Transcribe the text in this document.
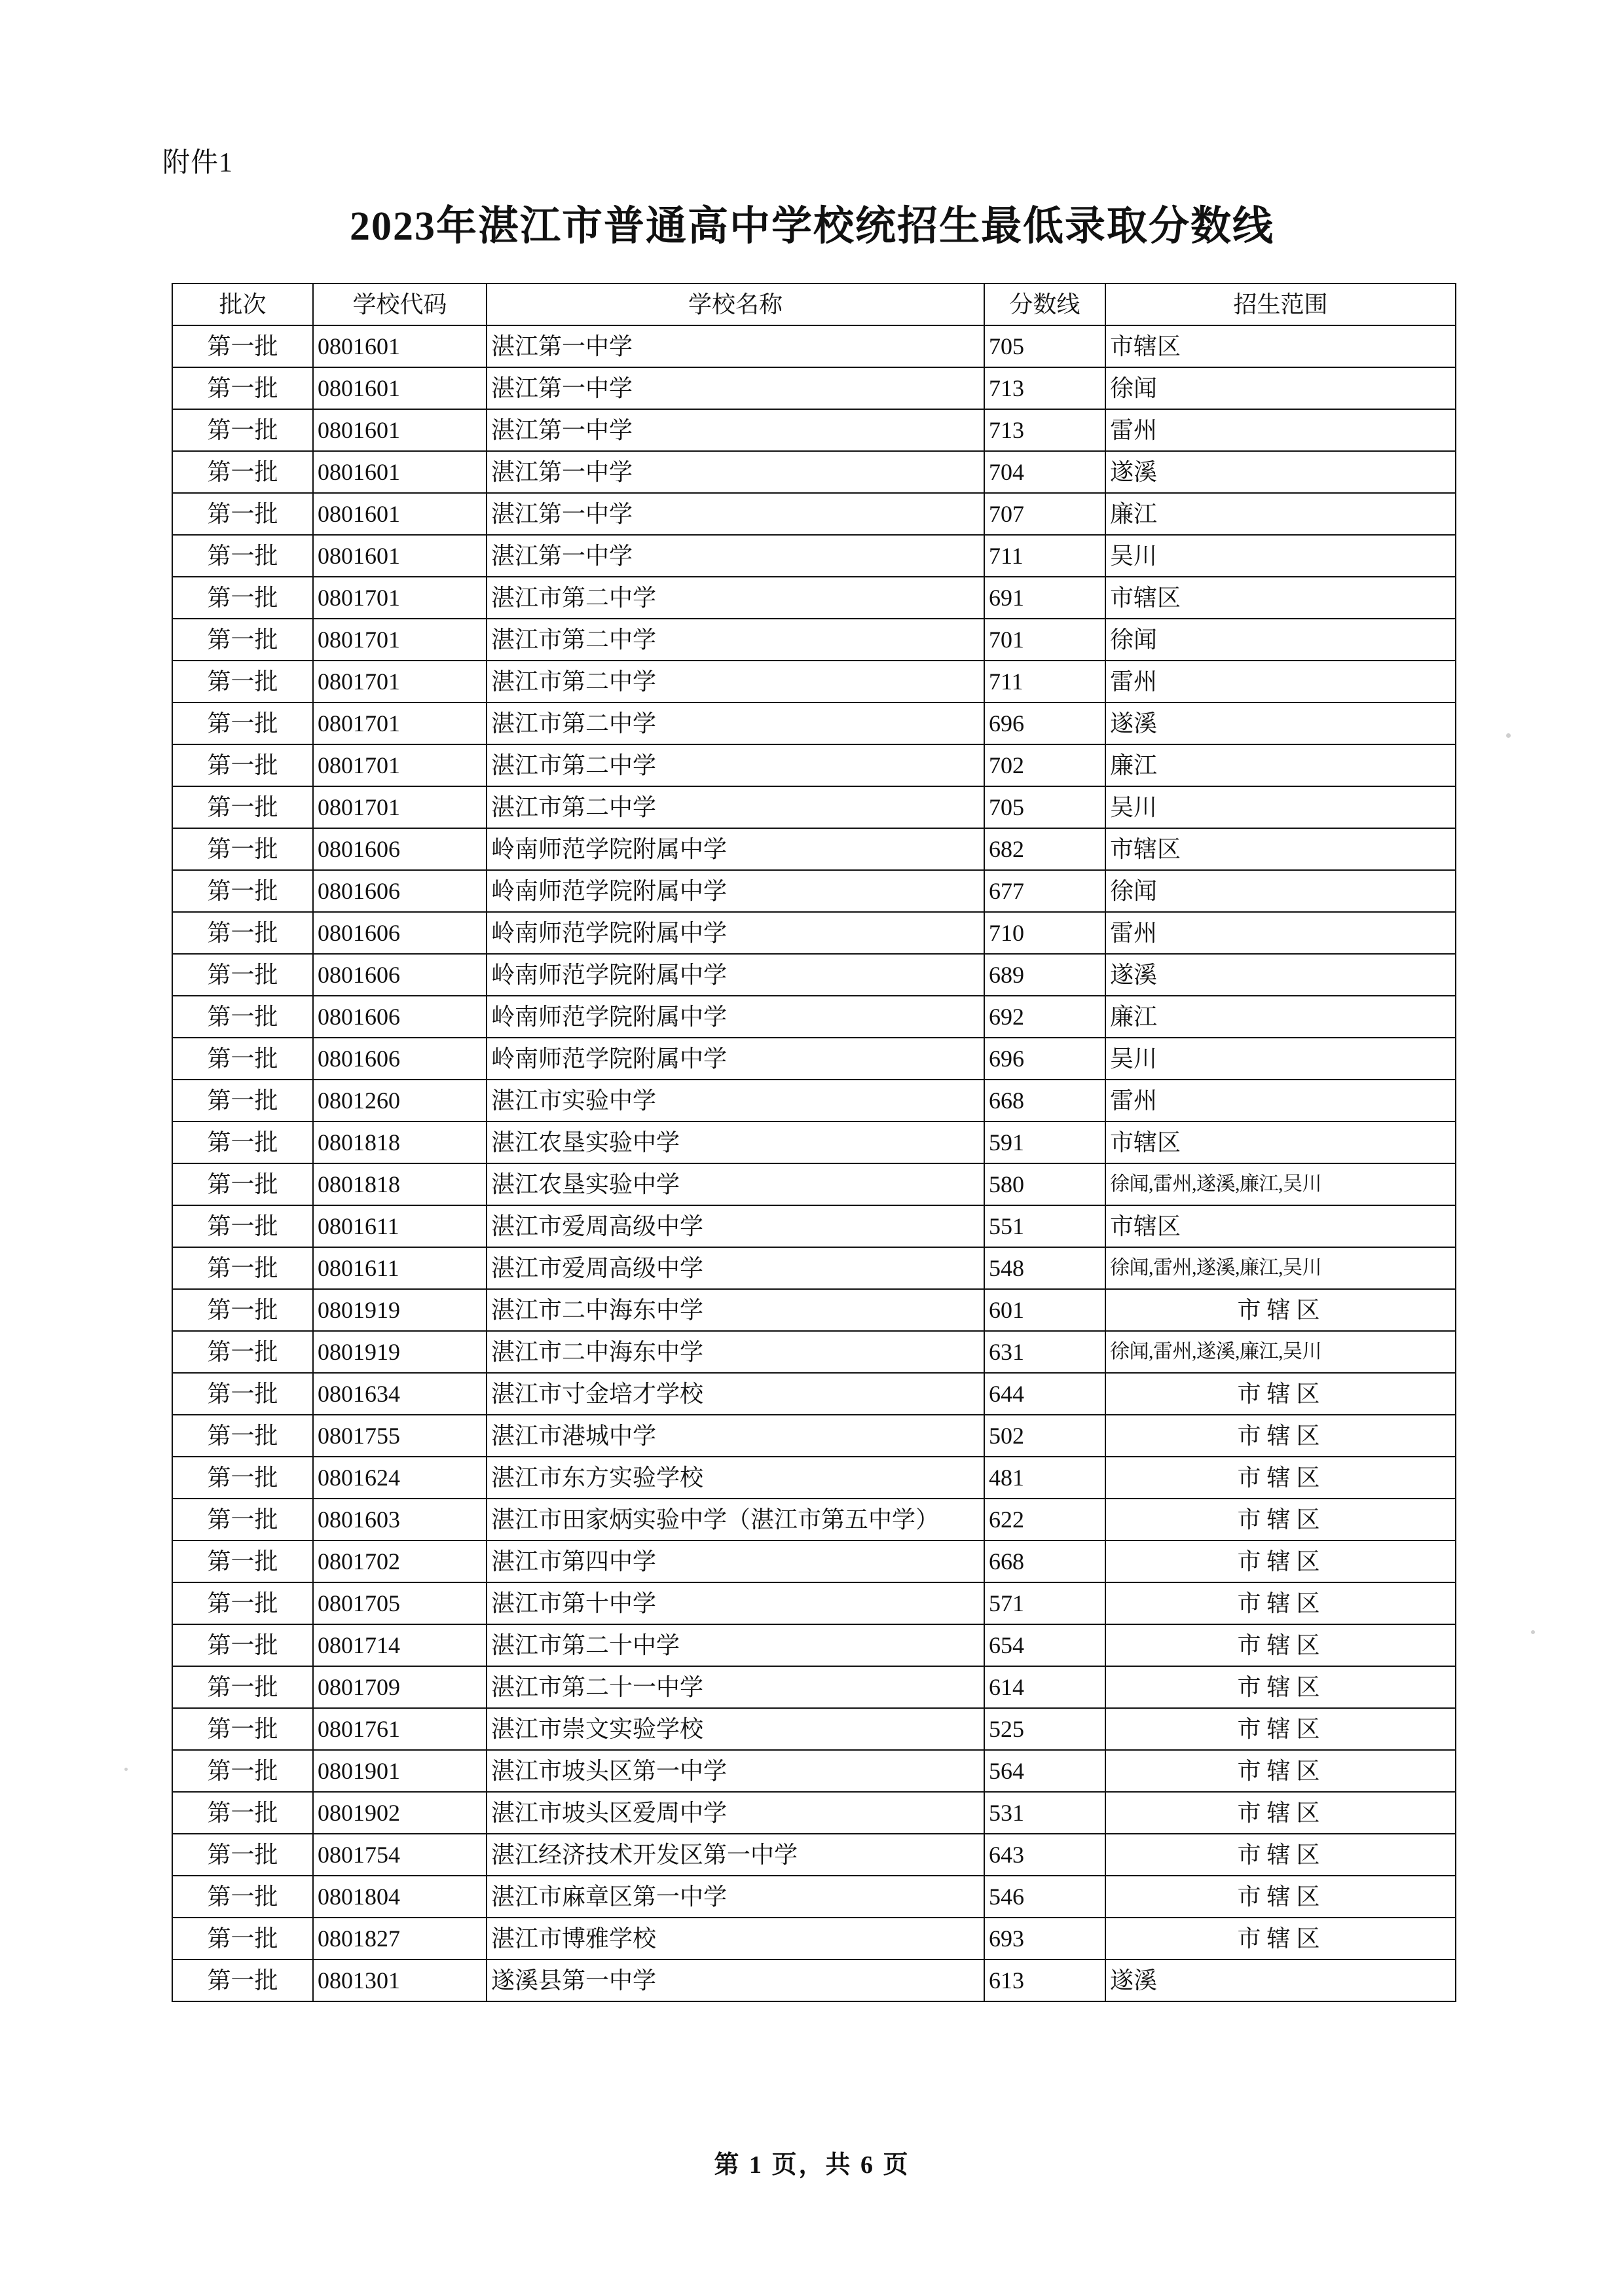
附件1
2023年湛江市普通高中学校统招生最低录取分数线
批次	学校代码	学校名称	分数线	招生范围
第一批	0801601	湛江第一中学	705	市辖区
第一批	0801601	湛江第一中学	713	徐闻
第一批	0801601	湛江第一中学	713	雷州
第一批	0801601	湛江第一中学	704	遂溪
第一批	0801601	湛江第一中学	707	廉江
第一批	0801601	湛江第一中学	711	吴川
第一批	0801701	湛江市第二中学	691	市辖区
第一批	0801701	湛江市第二中学	701	徐闻
第一批	0801701	湛江市第二中学	711	雷州
第一批	0801701	湛江市第二中学	696	遂溪
第一批	0801701	湛江市第二中学	702	廉江
第一批	0801701	湛江市第二中学	705	吴川
第一批	0801606	岭南师范学院附属中学	682	市辖区
第一批	0801606	岭南师范学院附属中学	677	徐闻
第一批	0801606	岭南师范学院附属中学	710	雷州
第一批	0801606	岭南师范学院附属中学	689	遂溪
第一批	0801606	岭南师范学院附属中学	692	廉江
第一批	0801606	岭南师范学院附属中学	696	吴川
第一批	0801260	湛江市实验中学	668	雷州
第一批	0801818	湛江农垦实验中学	591	市辖区
第一批	0801818	湛江农垦实验中学	580	徐闻,雷州,遂溪,廉江,吴川
第一批	0801611	湛江市爱周高级中学	551	市辖区
第一批	0801611	湛江市爱周高级中学	548	徐闻,雷州,遂溪,廉江,吴川
第一批	0801919	湛江市二中海东中学	601	市 辖 区
第一批	0801919	湛江市二中海东中学	631	徐闻,雷州,遂溪,廉江,吴川
第一批	0801634	湛江市寸金培才学校	644	市 辖 区
第一批	0801755	湛江市港城中学	502	市 辖 区
第一批	0801624	湛江市东方实验学校	481	市 辖 区
第一批	0801603	湛江市田家炳实验中学（湛江市第五中学）	622	市 辖 区
第一批	0801702	湛江市第四中学	668	市 辖 区
第一批	0801705	湛江市第十中学	571	市 辖 区
第一批	0801714	湛江市第二十中学	654	市 辖 区
第一批	0801709	湛江市第二十一中学	614	市 辖 区
第一批	0801761	湛江市崇文实验学校	525	市 辖 区
第一批	0801901	湛江市坡头区第一中学	564	市 辖 区
第一批	0801902	湛江市坡头区爱周中学	531	市 辖 区
第一批	0801754	湛江经济技术开发区第一中学	643	市 辖 区
第一批	0801804	湛江市麻章区第一中学	546	市 辖 区
第一批	0801827	湛江市博雅学校	693	市 辖 区
第一批	0801301	遂溪县第一中学	613	遂溪
第 1 页，共 6 页
